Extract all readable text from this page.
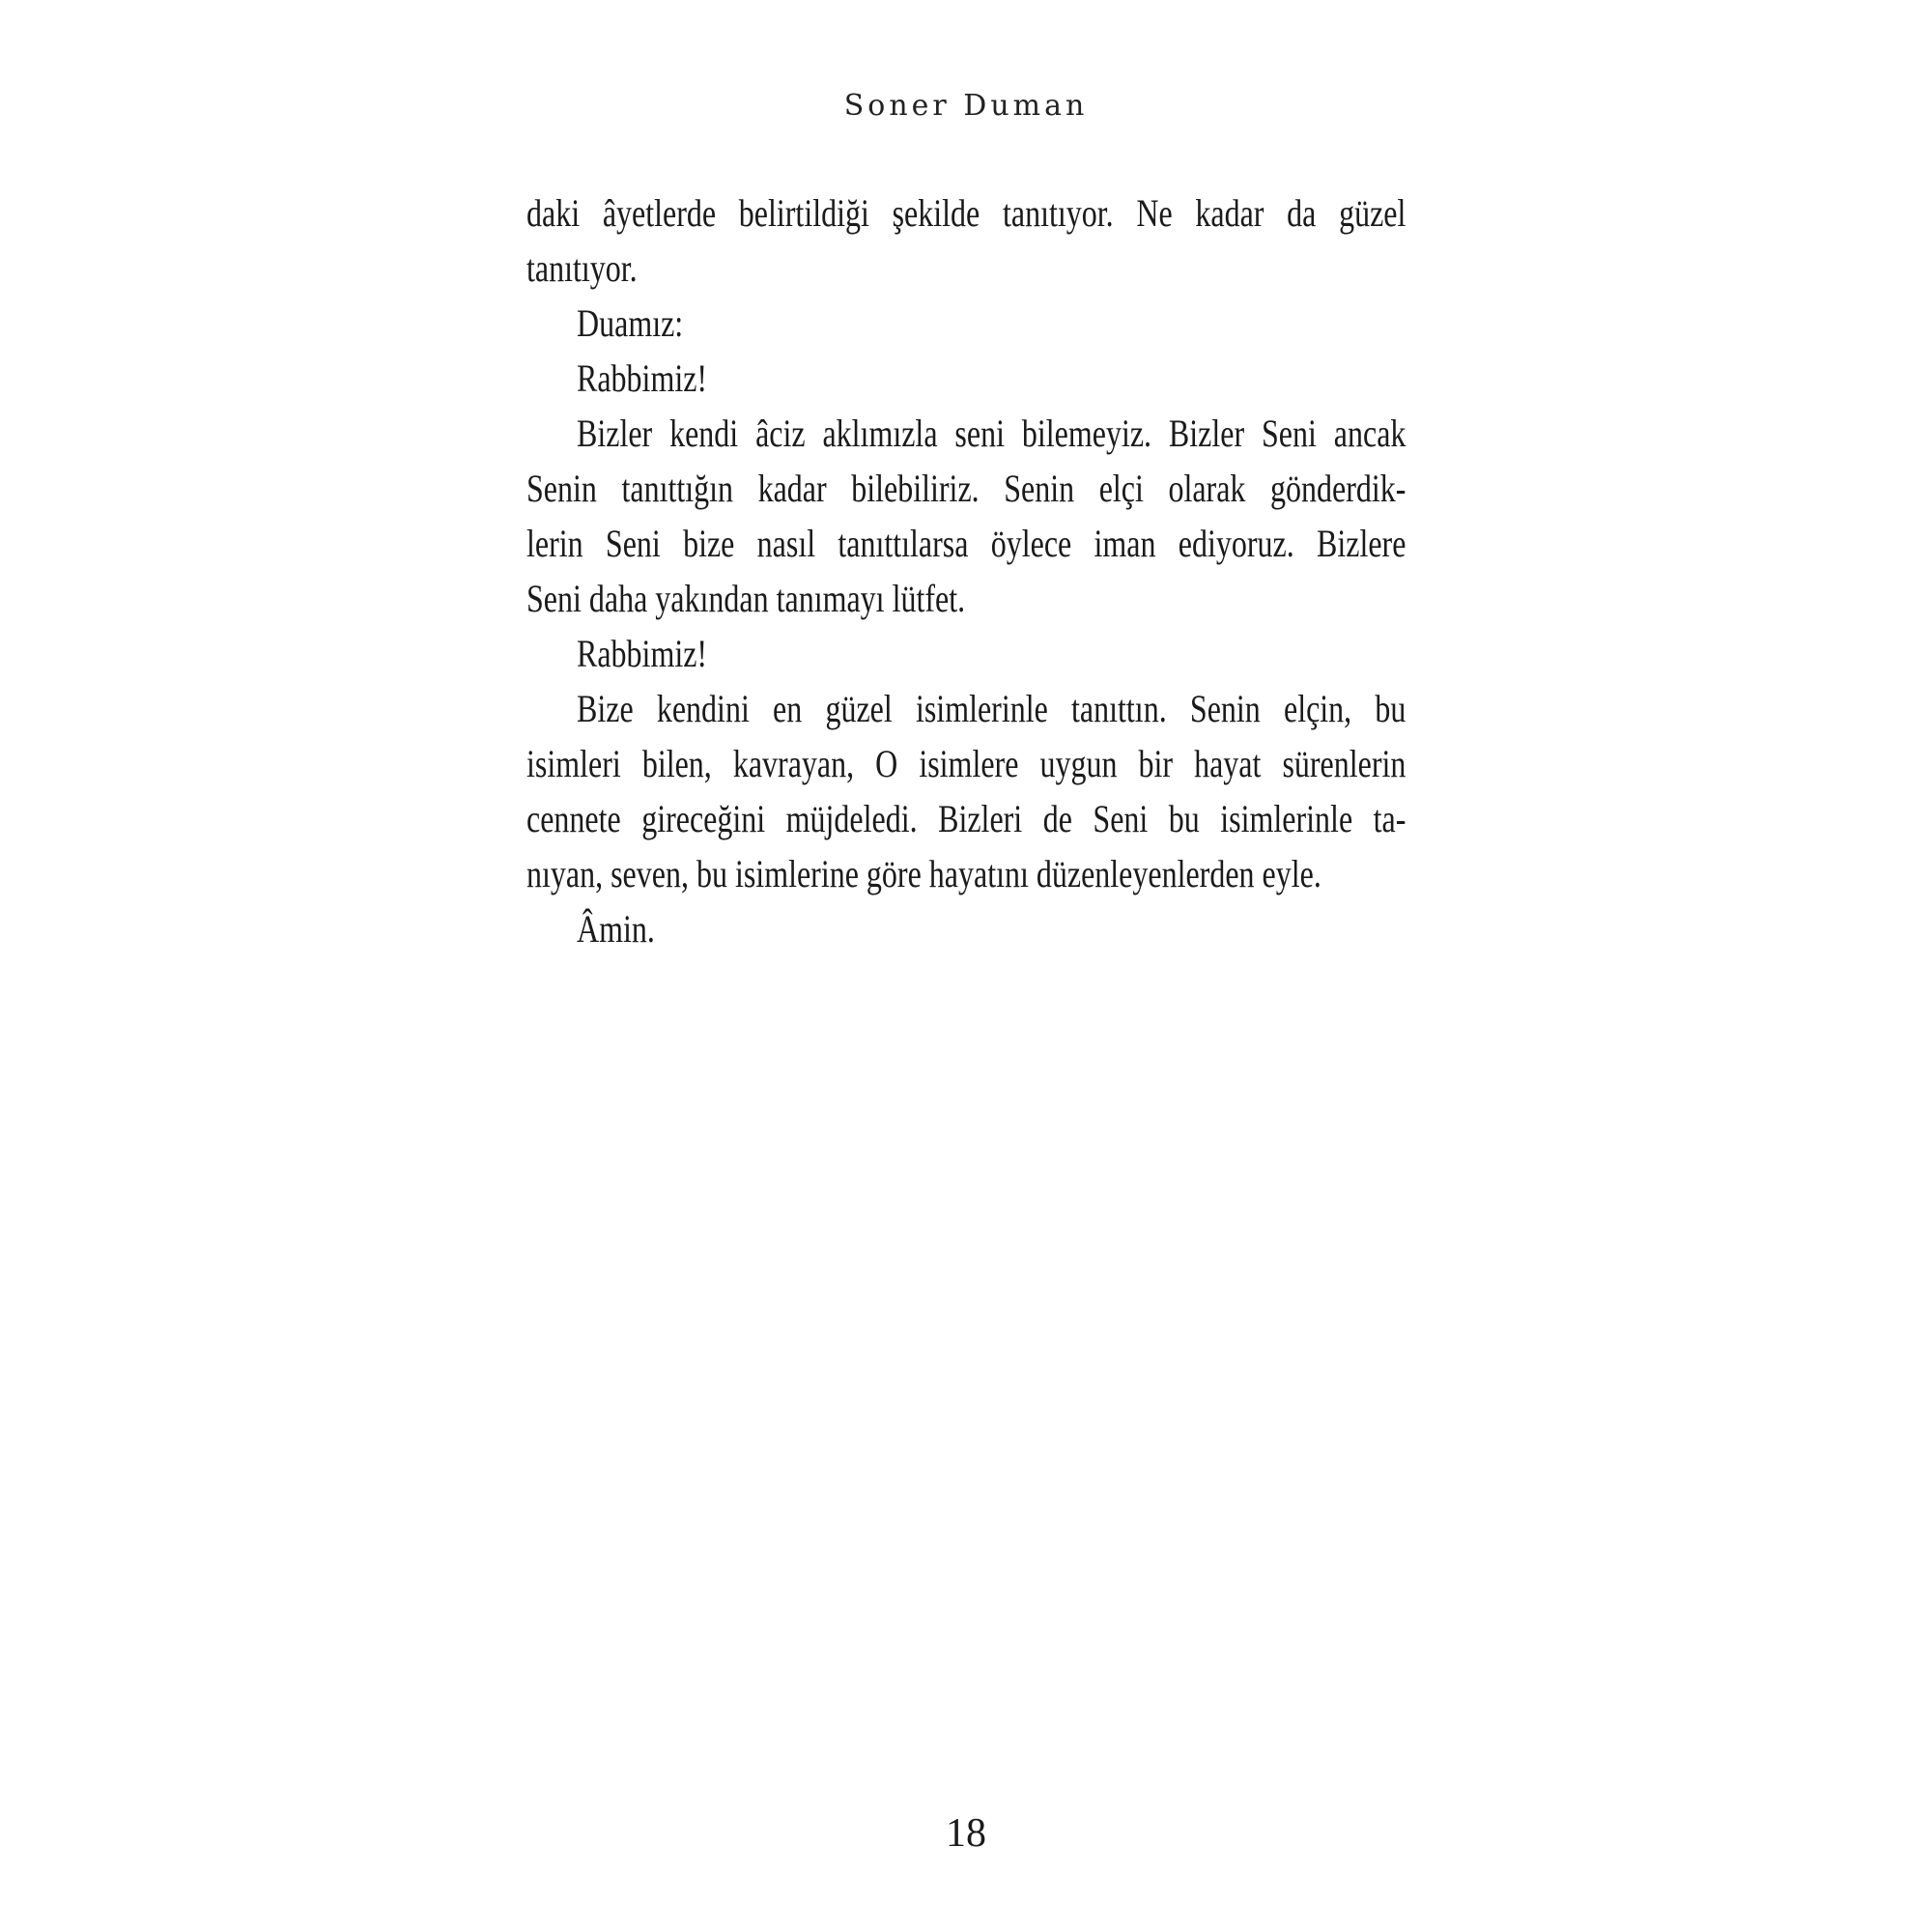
Soner Duman
daki âyetlerde belirtildiği şekilde tanıtıyor. Ne kadar da güzel
tanıtıyor.
Duamız:
Rabbimiz!
Bizler kendi âciz aklımızla seni bilemeyiz. Bizler Seni ancak
Senin tanıttığın kadar bilebiliriz. Senin elçi olarak gönderdik-
lerin Seni bize nasıl tanıttılarsa öylece iman ediyoruz. Bizlere
Seni daha yakından tanımayı lütfet.
Rabbimiz!
Bize kendini en güzel isimlerinle tanıttın. Senin elçin, bu
isimleri bilen, kavrayan, O isimlere uygun bir hayat sürenlerin
cennete gireceğini müjdeledi. Bizleri de Seni bu isimlerinle ta-
nıyan, seven, bu isimlerine göre hayatını düzenleyenlerden eyle.
Âmin.
18
